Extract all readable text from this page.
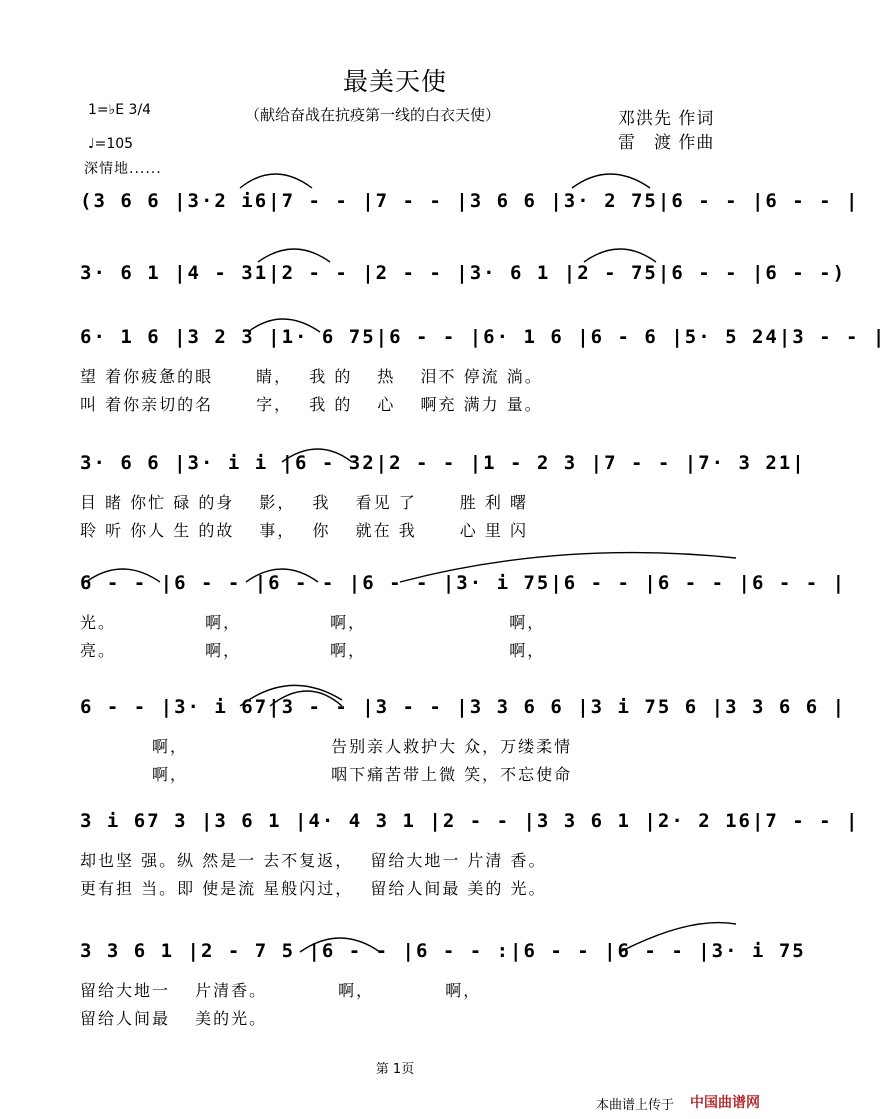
最美天使
（献给奋战在抗疫第一线的白衣天使）	邓洪先 作词
雷　渡 作曲
1=♭E 3/4
♩=105
深情地......
(3 6 6 |3·2 i6|7 - - |7 - - |3 6 6 |3· 2 75|6 - - |6 - - |
3· 6 1 |4 - 31|2 - - |2 - - |3· 6 1 |2 - 75|6 - - |6 - -)
6· 1 6 |3 2 3 |1· 6 75|6 - - |6· 1 6 |6 - 6 |5· 5 24|3 - - |
望 着你疲惫的眼　　 睛，　 我 的　 热　 泪不 停流 淌。
叫 着你亲切的名　　 字，　 我 的　 心　 啊充 满力 量。
3· 6 6 |3· i i |6 - 32|2 - - |1 - 2 3 |7 - - |7· 3 21|
目 睹 你忙 碌 的身　 影，　 我　 看见 了　　 胜 利 曙
聆 听 你人 生 的故　 事，　 你　 就在 我　　 心 里 闪
6 - - |6 - - |6 - - |6 - - |3· i 75|6 - - |6 - - |6 - - |
光。　　　　　 啊，　　　　　 啊，　　　　　　　　 啊，
亮。　　　　　 啊，　　　　　 啊，　　　　　　　　 啊，
6 - - |3· i 67|3 - - |3 - - |3 3 6 6 |3 i 75 6 |3 3 6 6 |
　　　　啊，　　　　　　　　 告别亲人救护大 众，万缕柔情
　　　　啊，　　　　　　　　 咽下痛苦带上微 笑，不忘使命
3 i 67 3 |3 6 1 |4· 4 3 1 |2 - - |3 3 6 1 |2· 2 16|7 - - |
却也坚 强。纵 然是一 去不复返，　 留给大地一 片清 香。
更有担 当。即 使是流 星般闪过，　 留给人间最 美的 光。
3 3 6 1 |2 - 7 5 |6 - - |6 - - :|6 - - |6 - - |3· i 75
留给大地一　 片清香。　　　　 啊，　　　　 啊，
留给人间最　 美的光。
第 1页
本曲谱上传于 中国曲谱网
